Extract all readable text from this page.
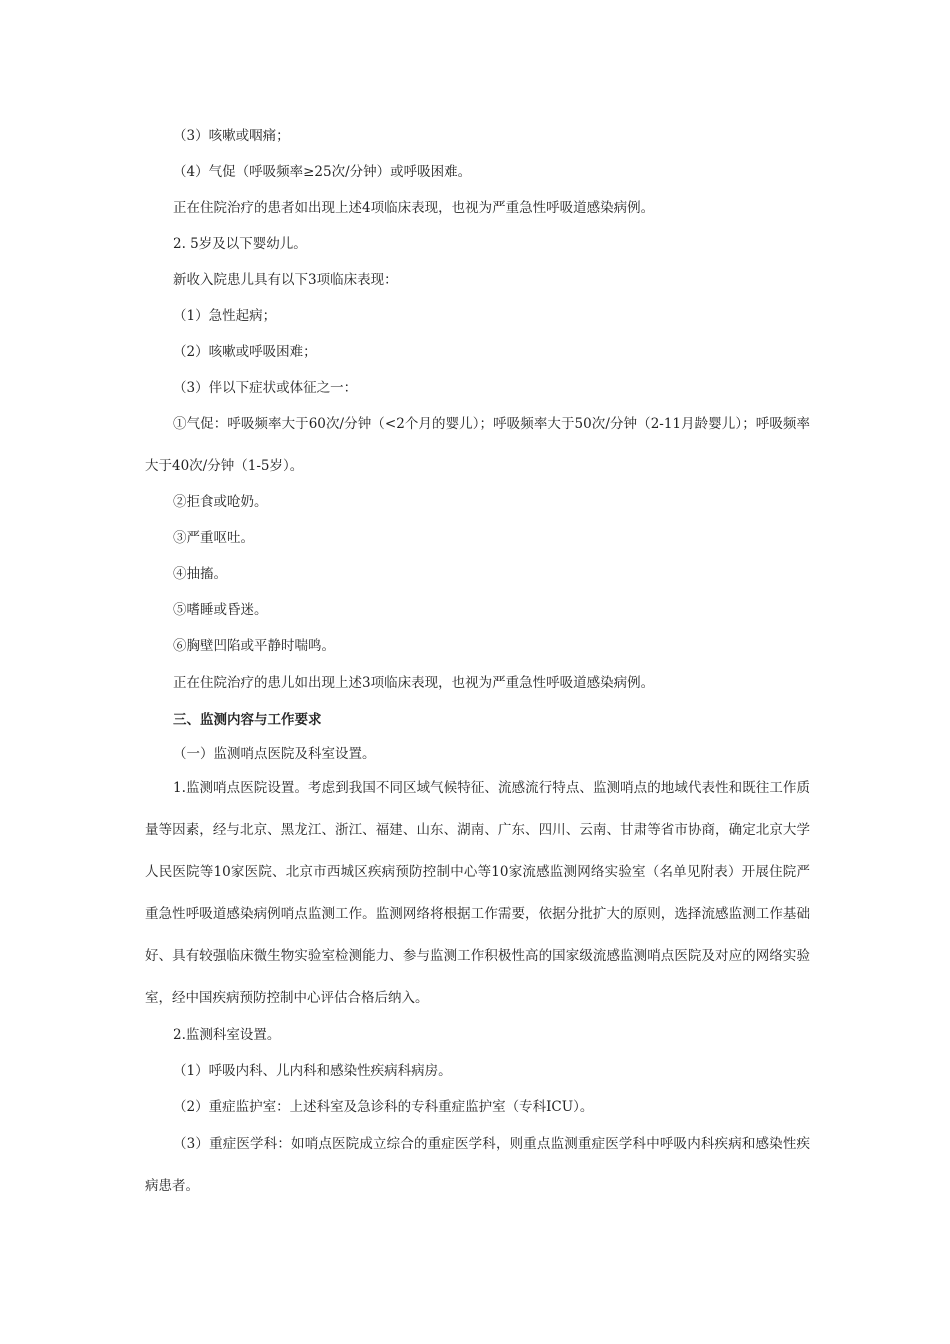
（3）咳嗽或咽痛；

（4）气促（呼吸频率≥25次/分钟）或呼吸困难。

正在住院治疗的患者如出现上述4项临床表现，也视为严重急性呼吸道感染病例。

2. 5岁及以下婴幼儿。

新收入院患儿具有以下3项临床表现：

（1）急性起病；

（2）咳嗽或呼吸困难；

（3）伴以下症状或体征之一：

①气促：呼吸频率大于60次/分钟（<2个月的婴儿）；呼吸频率大于50次/分钟（2-11月龄婴儿）；呼吸频率大于40次/分钟（1-5岁）。

②拒食或呛奶。

③严重呕吐。

④抽搐。

⑤嗜睡或昏迷。

⑥胸壁凹陷或平静时喘鸣。

正在住院治疗的患儿如出现上述3项临床表现，也视为严重急性呼吸道感染病例。

三、监测内容与工作要求

（一）监测哨点医院及科室设置。

1.监测哨点医院设置。考虑到我国不同区域气候特征、流感流行特点、监测哨点的地域代表性和既往工作质量等因素，经与北京、黑龙江、浙江、福建、山东、湖南、广东、四川、云南、甘肃等省市协商，确定北京大学人民医院等10家医院、北京市西城区疾病预防控制中心等10家流感监测网络实验室（名单见附表）开展住院严重急性呼吸道感染病例哨点监测工作。监测网络将根据工作需要，依据分批扩大的原则，选择流感监测工作基础好、具有较强临床微生物实验室检测能力、参与监测工作积极性高的国家级流感监测哨点医院及对应的网络实验室，经中国疾病预防控制中心评估合格后纳入。

2.监测科室设置。

（1）呼吸内科、儿内科和感染性疾病科病房。

（2）重症监护室：上述科室及急诊科的专科重症监护室（专科ICU）。

（3）重症医学科：如哨点医院成立综合的重症医学科，则重点监测重症医学科中呼吸内科疾病和感染性疾病患者。
